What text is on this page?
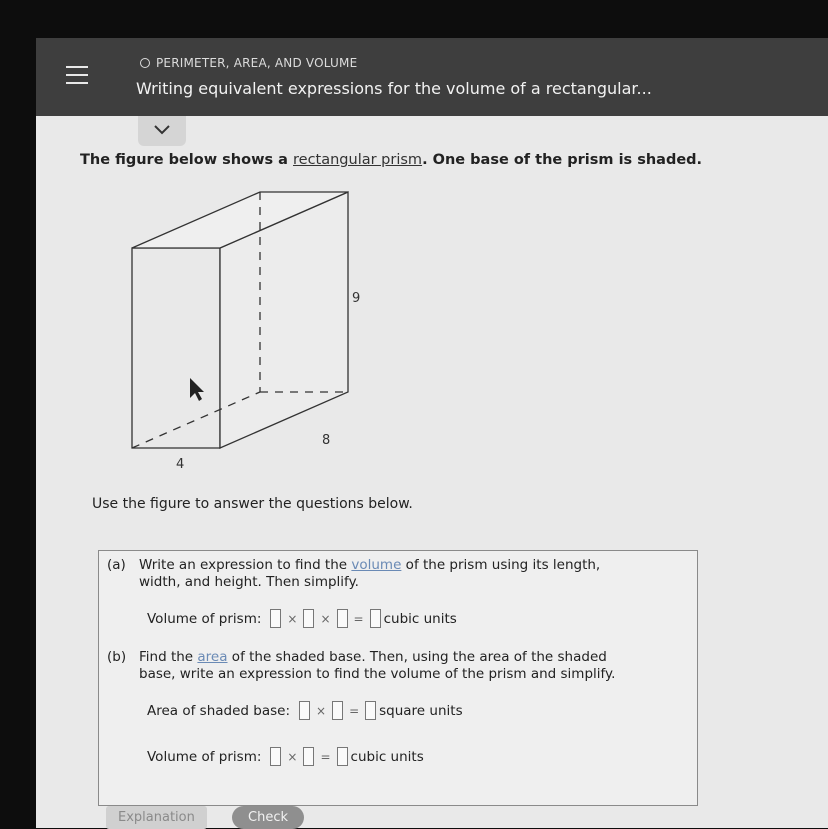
PERIMETER, AREA, AND VOLUME
Writing equivalent expressions for the volume of a rectangular...
The figure below shows a rectangular prism. One base of the prism is shaded.
9
8
4
Use the figure to answer the questions below.
(a) Write an expression to find the volume of the prism using its length,
width, and height. Then simplify.
Volume of prism: × × = cubic units
(b) Find the area of the shaded base. Then, using the area of the shaded
base, write an expression to find the volume of the prism and simplify.
Area of shaded base: × = square units
Volume of prism: × = cubic units
Explanation	Check
